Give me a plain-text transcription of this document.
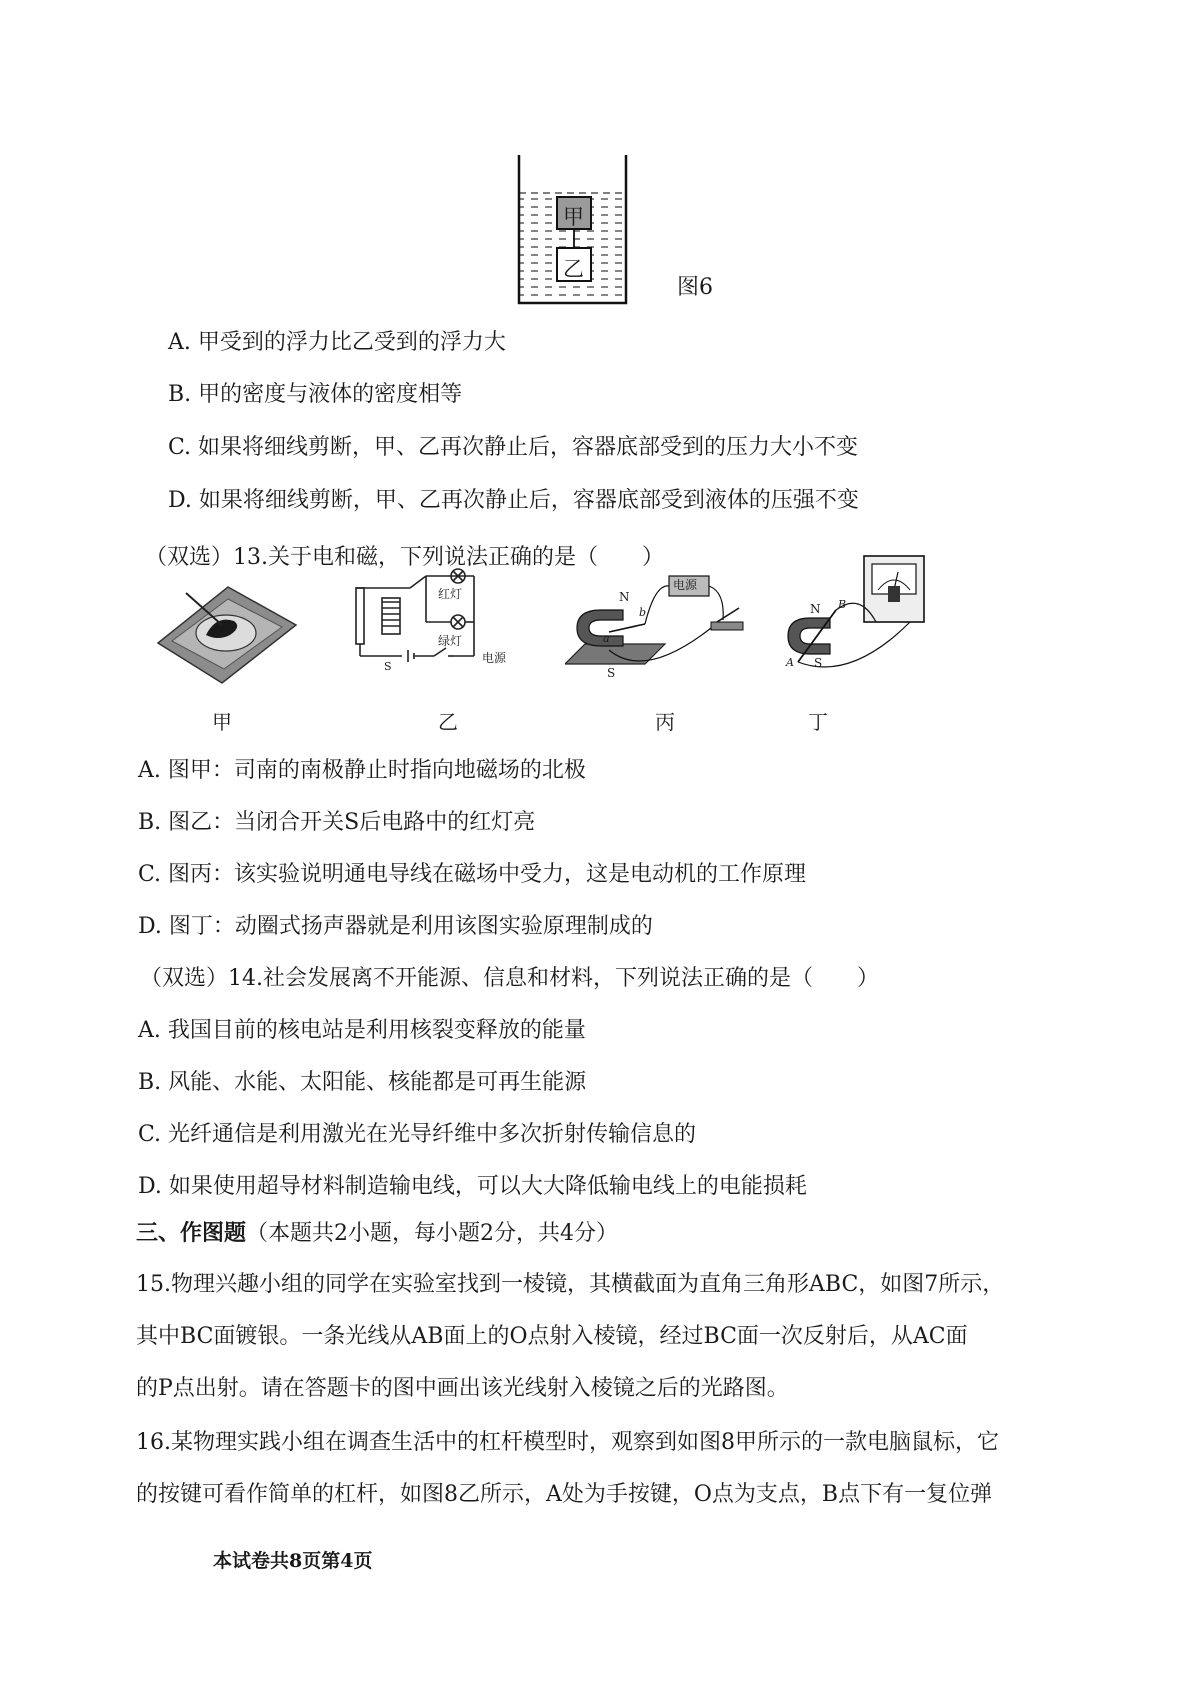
甲
乙
图6
A. 甲受到的浮力比乙受到的浮力大
B. 甲的密度与液体的密度相等
C. 如果将细线剪断，甲、乙再次静止后，容器底部受到的压力大小不变
D. 如果将细线剪断，甲、乙再次静止后，容器底部受到液体的压强不变
（双选）13.关于电和磁，下列说法正确的是（　　）
甲
红灯
绿灯
电源
S
乙
电源
N
S
a
b
丙
N
S
A
B
丁
A. 图甲：司南的南极静止时指向地磁场的北极
B. 图乙：当闭合开关S后电路中的红灯亮
C. 图丙：该实验说明通电导线在磁场中受力，这是电动机的工作原理
D. 图丁：动圈式扬声器就是利用该图实验原理制成的
（双选）14.社会发展离不开能源、信息和材料，下列说法正确的是（　　）
A. 我国目前的核电站是利用核裂变释放的能量
B. 风能、水能、太阳能、核能都是可再生能源
C. 光纤通信是利用激光在光导纤维中多次折射传输信息的
D. 如果使用超导材料制造输电线，可以大大降低输电线上的电能损耗
三、作图题（本题共2小题，每小题2分，共4分）
15.物理兴趣小组的同学在实验室找到一棱镜，其横截面为直角三角形ABC，如图7所示，
其中BC面镀银。一条光线从AB面上的O点射入棱镜，经过BC面一次反射后，从AC面
的P点出射。请在答题卡的图中画出该光线射入棱镜之后的光路图。
16.某物理实践小组在调查生活中的杠杆模型时，观察到如图8甲所示的一款电脑鼠标，它
的按键可看作简单的杠杆，如图8乙所示，A处为手按键，O点为支点，B点下有一复位弹
本试卷共8页第4页
